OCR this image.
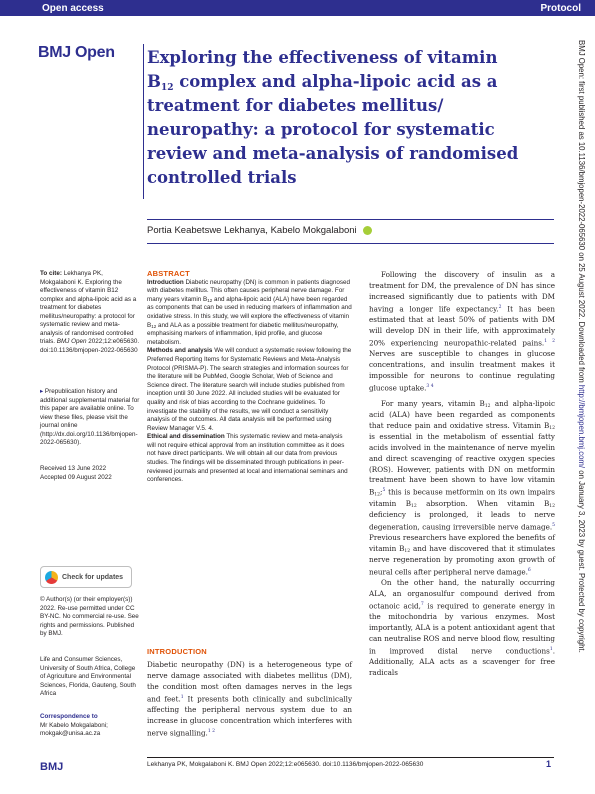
Open access	Protocol
BMJ Open Exploring the effectiveness of vitamin
$B_{12}$ complex and alpha-lipoic acid as a
treatment for diabetes mellitus/
neuropathy: a protocol for systematic
review and meta-analysis of randomised
controlled trials
Portia Keabetswe Lekhanya, Kabelo Mokgalaboni

To cite: Lekhanya PK, Mokgalaboni K. Exploring the effectiveness of vitamin B12 complex and alpha-lipoic acid as a treatment for diabetes mellitus/neuropathy: a protocol for systematic review and meta-analysis of randomised controlled trials. BMJ Open 2022;12:e065630. doi:10.1136/bmjopen-2022-065630

▸ Prepublication history and additional supplemental material for this paper are available online. To view these files, please visit the journal online (http://dx.doi.org/10.1136/bmjopen-2022-065630).

Received 13 June 2022

Accepted 09 August 2022

Check for updates

© Author(s) (or their employer(s)) 2022. Re-use permitted under CC BY-NC. No commercial re-use. See rights and permissions. Published by BMJ.

Life and Consumer Sciences, University of South Africa, College of Agriculture and Environmental Sciences, Florida, Gauteng, South Africa

Correspondence to

Mr Kabelo Mokgalaboni;

mokgak@unisa.ac.za

ABSTRACT

Introduction Diabetic neuropathy (DN) is common in patients diagnosed with diabetes mellitus. This often causes peripheral nerve damage. For many years vitamin $B_{12}$ and alpha-lipoic acid (ALA) have been regarded as components that can be used in reducing markers of inflammation and oxidative stress. In this study, we will explore the effectiveness of vitamin $B_{12}$ and ALA as a possible treatment for diabetic mellitus/neuropathy, emphasising markers of inflammation, lipid profile, and glucose metabolism.

Methods and analysis We will conduct a systematic review following the Preferred Reporting Items for Systematic Reviews and Meta-Analysis Protocol (PRISMA-P). The search strategies and information sources for the literature will be PubMed, Google Scholar, Web of Science and Science direct. The literature search will include studies published from inception until 30 June 2022. All included studies will be evaluated for quality and risk of bias according to the Cochrane guidelines. To investigate the stability of the results, we will conduct a sensitivity analysis of the outcomes. All data analysis will be performed using Review Manager V.5. 4.

Ethical and dissemination This systematic review and meta-analysis will not require ethical approval from an institution committee as it does not have direct participants. We will obtain all our data from previous studies. The findings will be disseminated through publications in peer-reviewed journals and presented at local and international seminars and conferences.

INTRODUCTION
Diabetic neuropathy (DN) is a heterogeneous type of nerve damage associated with diabetes mellitus (DM), the condition most often damages nerves in the legs and feet.$^1$ It presents both clinically and subclinically affecting the peripheral nervous system due to an increase in glucose concentration which interferes with nerve signalling.$^{1 2}$

Following the discovery of insulin as a treatment for DM, the prevalence of DN has since increased significantly due to patients with DM having a longer life expectancy.$^2$ It has been estimated that at least 50% of patients with DM will develop DN in their life, with approximately 20% experiencing neuropathic-related pains.$^{1 2}$ Nerves are susceptible to changes in glucose concentrations, and insulin treatment makes it impossible for neurons to continue regulating glucose uptake.$^{3 4}$

For many years, vitamin $B_{12}$ and alpha-lipoic acid (ALA) have been regarded as components that reduce pain and oxidative stress. Vitamin $B_{12}$ is essential in the metabolism of essential fatty acids involved in the maintenance of nerve myelin and direct scavenging of reactive oxygen species (ROS). However, patients with DN on metformin treatment have been shown to have low vitamin $B_{12};^5$ this is because metformin on its own impairs vitamin $B_{12}$ absorption. When vitamin $B_{12}$ deficiency is prolonged, it leads to nerve degeneration, causing irreversible nerve damage.$^5$ Previous researchers have explored the benefits of vitamin $B_{12}$ and have discovered that it stimulates nerve regeneration by promoting axon growth of neural cells after peripheral nerve damage.$^6$

On the other hand, the naturally occurring ALA, an organosulfur compound derived from octanoic acid,$^7$ is required to generate energy in the mitochondria by various enzymes. Most importantly, ALA is a potent antioxidant agent that can neutralise ROS and nerve blood flow, resulting in improved distal nerve conductions$^1$. Additionally, ALA acts as a scavenger for free radicals

BMJ Open: first published as 10.1136/bmjopen-2022-065630 on 25 August 2022. Downloaded from http://bmjopen.bmj.com/ on January 3, 2023 by guest. Protected by copyright.
BMJ	Lekhanya PK, Mokgalaboni K. BMJ Open 2022;12:e065630. doi:10.1136/bmjopen-2022-065630	1
